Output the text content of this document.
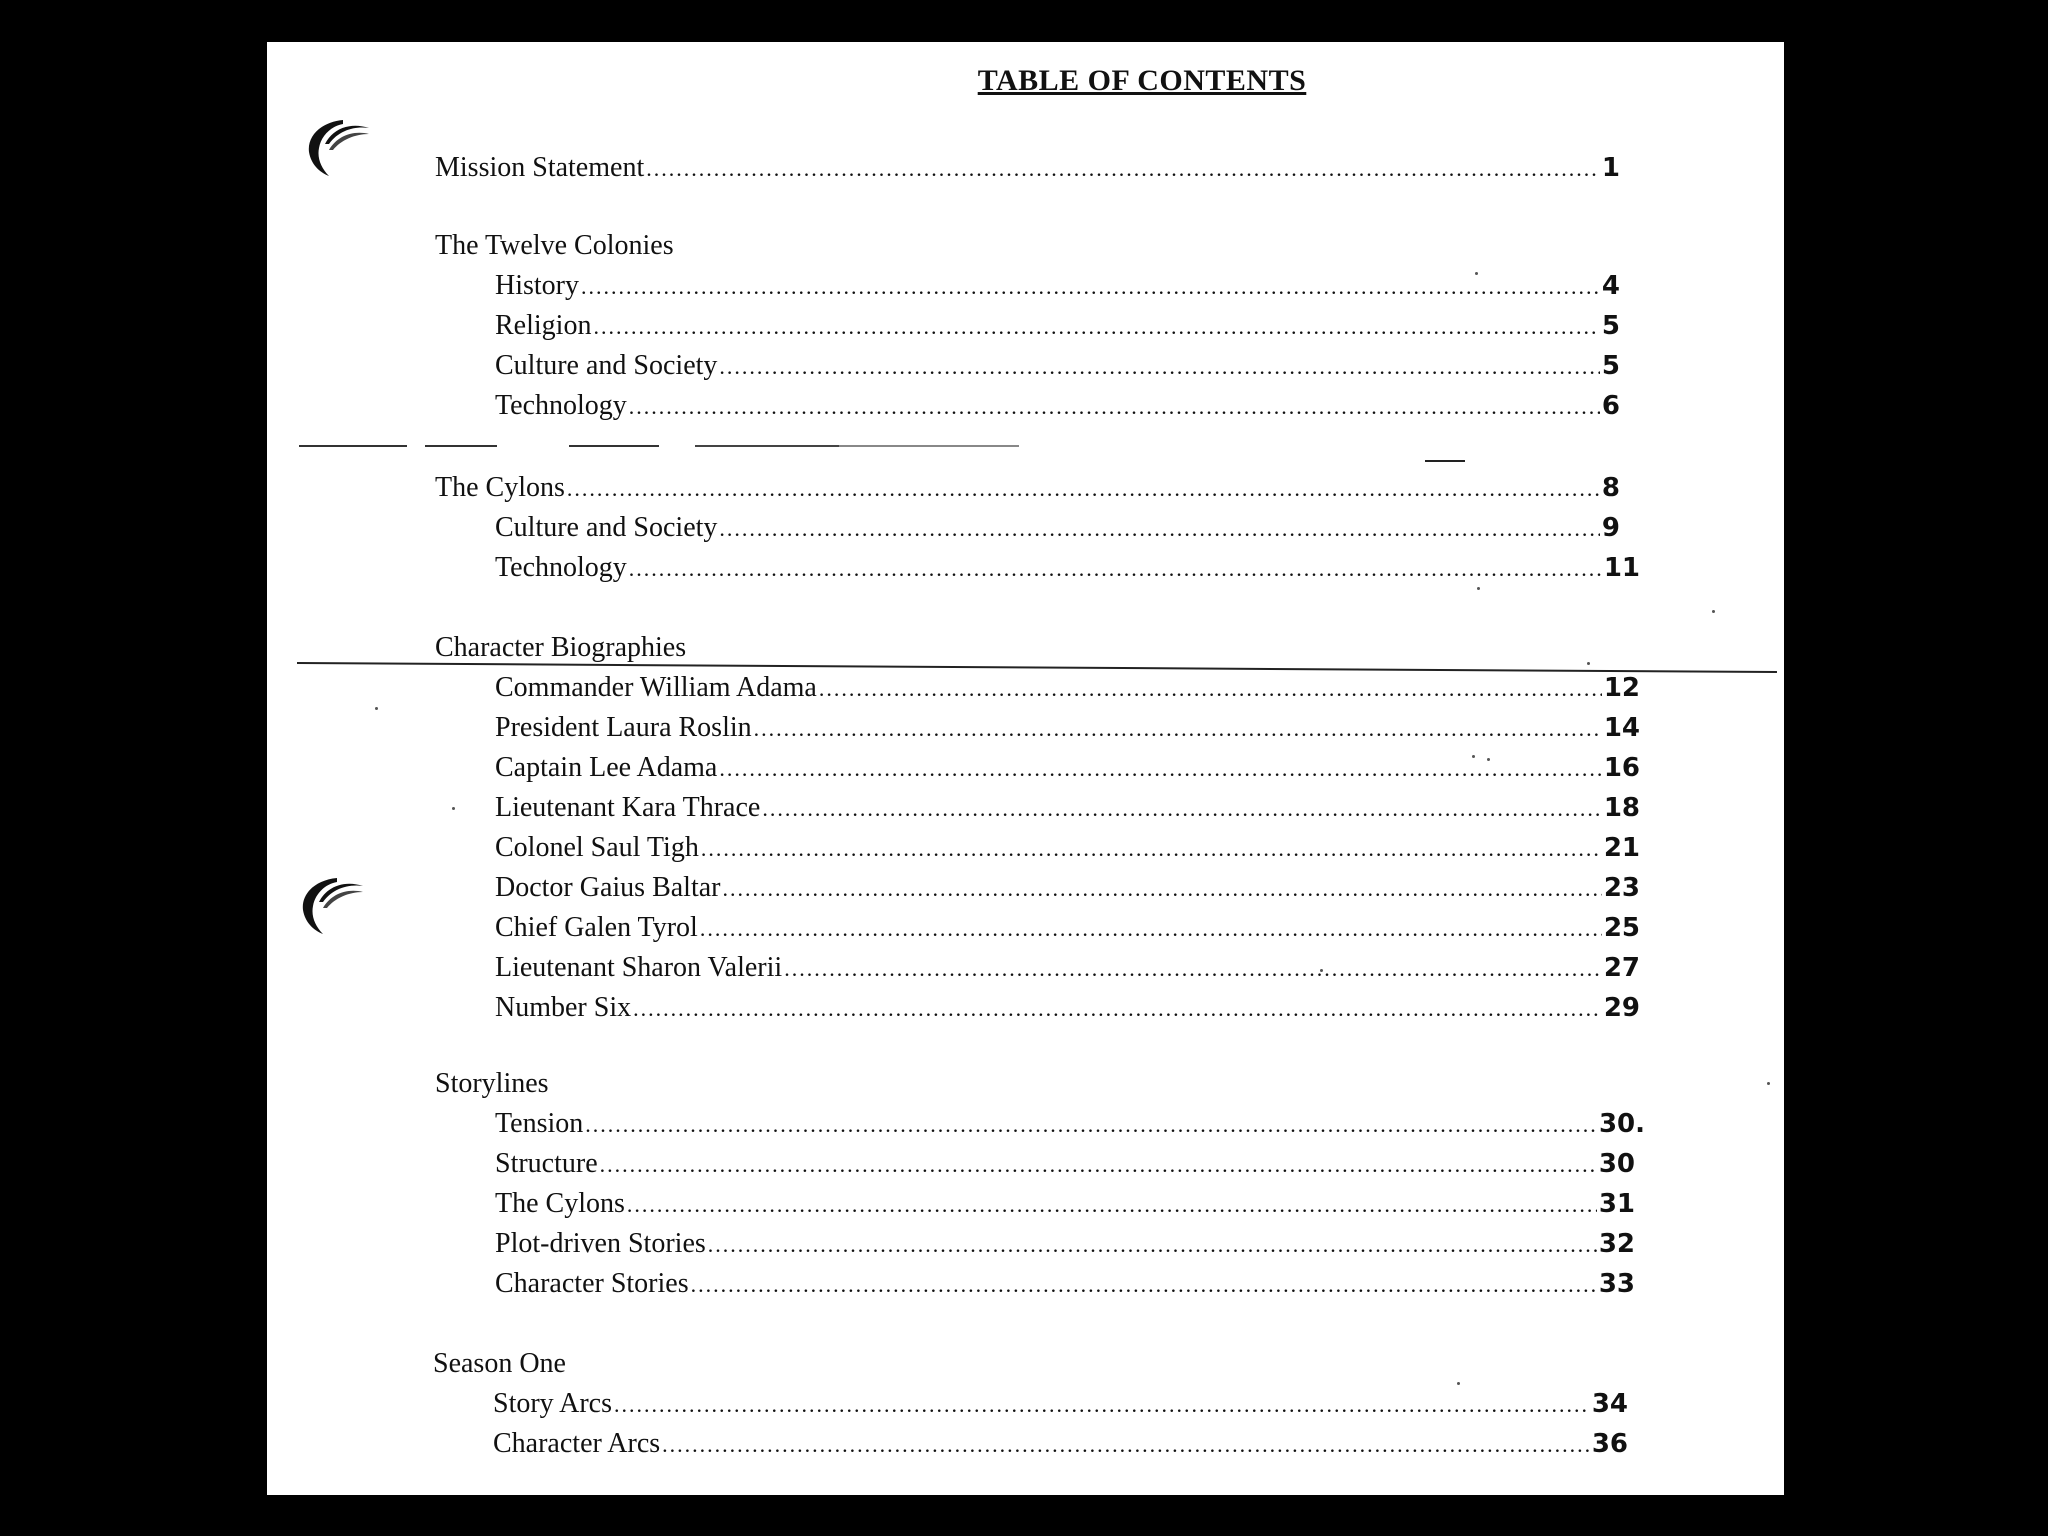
TABLE OF CONTENTS
Mission Statement .....	1
The Twelve Colonies
History .....	4
Religion .....	5
Culture and Society .....	5
Technology .....	6
The Cylons .....	8
Culture and Society .....	9
Technology .....	11
Character Biographies
Commander William Adama .....	12
President Laura Roslin .....	14
Captain Lee Adama .....	16
Lieutenant Kara Thrace .....	18
Colonel Saul Tigh .....	21
Doctor Gaius Baltar .....	23
Chief Galen Tyrol .....	25
Lieutenant Sharon Valerii .....	27
Number Six .....	29
Storylines
Tension .....	30.
Structure .....	30
The Cylons .....	31
Plot-driven Stories .....	32
Character Stories .....	33
Season One
Story Arcs .....	34
Character Arcs .....	36
